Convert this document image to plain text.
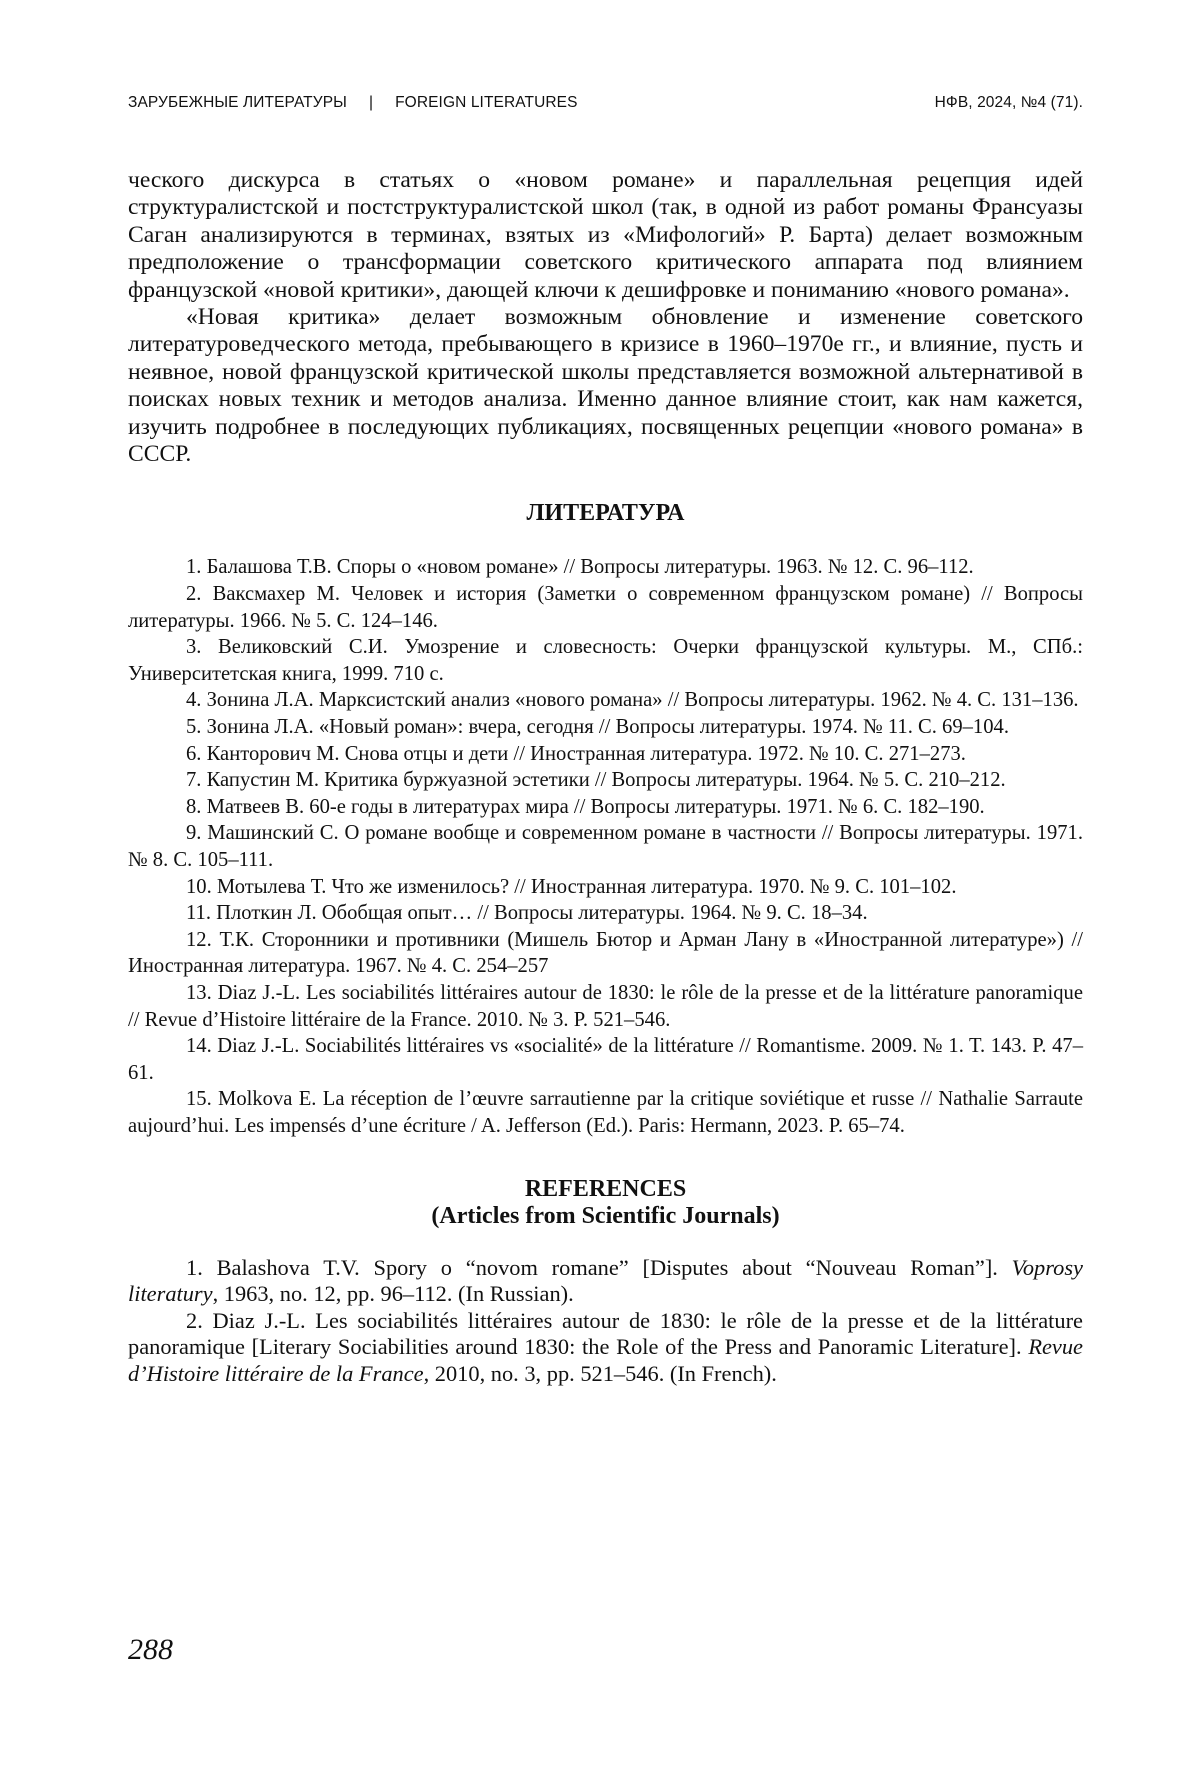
ЗАРУБЕЖНЫЕ ЛИТЕРАТУРЫ | FOREIGN LITERATURES	НФВ, 2024, №4 (71).

ческого дискурса в статьях о «новом романе» и параллельная рецепция идей структуралистской и постструктуралистской школ (так, в одной из работ романы Франсуазы Саган анализируются в терминах, взятых из «Мифологий» Р. Барта) делает возможным предположение о трансформации советского критического аппарата под влиянием французской «новой критики», дающей ключи к дешифровке и пониманию «нового романа».

«Новая критика» делает возможным обновление и изменение советского литературоведческого метода, пребывающего в кризисе в 1960–1970е гг., и влияние, пусть и неявное, новой французской критической школы представляется возможной альтернативой в поисках новых техник и методов анализа. Именно данное влияние стоит, как нам кажется, изучить подробнее в последующих публикациях, посвященных рецепции «нового романа» в СССР.

ЛИТЕРАТУРА

1. Балашова Т.В. Споры о «новом романе» // Вопросы литературы. 1963. № 12. С. 96–112.

2. Ваксмахер М. Человек и история (Заметки о современном французском романе) // Вопросы литературы. 1966. № 5. С. 124–146.

3. Великовский С.И. Умозрение и словесность: Очерки французской культуры. М., СПб.: Университетская книга, 1999. 710 с.

4. Зонина Л.А. Марксистский анализ «нового романа» // Вопросы литературы. 1962. № 4. С. 131–136.

5. Зонина Л.А. «Новый роман»: вчера, сегодня // Вопросы литературы. 1974. № 11. С. 69–104.

6. Канторович М. Снова отцы и дети // Иностранная литература. 1972. № 10. С. 271–273.

7. Капустин М. Критика буржуазной эстетики // Вопросы литературы. 1964. № 5. С. 210–212.

8. Матвеев В. 60-е годы в литературах мира // Вопросы литературы. 1971. № 6. С. 182–190.

9. Машинский С. О романе вообще и современном романе в частности // Вопросы литературы. 1971. № 8. С. 105–111.

10. Мотылева Т. Что же изменилось? // Иностранная литература. 1970. № 9. С. 101–102.

11. Плоткин Л. Обобщая опыт… // Вопросы литературы. 1964. № 9. С. 18–34.

12. Т.К. Сторонники и противники (Мишель Бютор и Арман Лану в «Иностранной литературе») // Иностранная литература. 1967. № 4. С. 254–257

13. Diaz J.-L. Les sociabilités littéraires autour de 1830: le rôle de la presse et de la littérature panoramique // Revue d’Histoire littéraire de la France. 2010. № 3. P. 521–546.

14. Diaz J.-L. Sociabilités littéraires vs «socialité» de la littérature // Romantisme. 2009. № 1. T. 143. P. 47–61.

15. Molkova E. La réception de l’œuvre sarrautienne par la critique soviétique et russe // Nathalie Sarraute aujourd’hui. Les impensés d’une écriture / A. Jefferson (Ed.). Paris: Hermann, 2023. P. 65–74.

REFERENCES
(Articles from Scientific Journals)

1. Balashova T.V. Spory o “novom romane” [Disputes about “Nouveau Roman”]. Voprosy literatury, 1963, no. 12, pp. 96–112. (In Russian).

2. Diaz J.-L. Les sociabilités littéraires autour de 1830: le rôle de la presse et de la littérature panoramique [Literary Sociabilities around 1830: the Role of the Press and Panoramic Literature]. Revue d’Histoire littéraire de la France, 2010, no. 3, pp. 521–546. (In French).

288
